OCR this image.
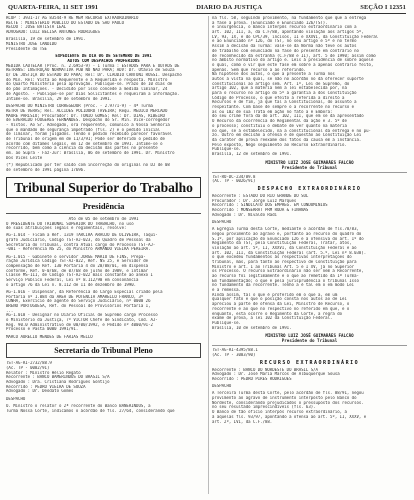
QUARTA-FEIRA, 11 SET 1991	DIARIO DA JUSTIÇA	SEÇÃO I 12351
RCOP : 3931-17 AG 83544-9 RE MEM RECURSO EXTRAORDINARIO
RECTE : MINISTERIO PUBLICO DO ESTADO DE SAO PAULO
RECDO : JOSE BATISTA LEAL
ADVOGADO: LUIZ BELISA ANTUNES RODRIGUES
Brasilia, 19 de setembro de 1991.
MINISTRO JOSE CANDIDO
Presidente do TSE
EXPEDIENTE DE DIA 06 DE SETEMBRO DE 1991
AUTOS COM DESPACHOS PROFERIDOS
MEDIDA CAUTELAR (Proc. n. 2.6953-9) - 1 Turma : ESTADOS PARA E OUTROS DE
RETRANS: INSTRUÇÃO NORMATIVA PUB NO NÃO PARÁ; ADV: Dr. Otávio de Souza
D/ DE JUSTIÇA DO ESTADO DO PARÁ; Rel: Dr. CLAUDIO CANTONI ROSSI. Despacho
do Min. Rel: Vista ao Requerente e à Requerida e resposta. Ministro
do Quarto Ministério pela aprovação. Publique-se. Prazo de 10 dias de
do pão Intimações. - Decidido por isso concede a medida liminar, 24
de Agosto. - Publique-se por Dias Solicitantes e requeiram a informação.
Intime-se. Brasília, 29 de setembro de 1991.
DESPACHO DO MINISTRO CORREGEDOR (Proc. - 2.9771-9) - 4ª Turma
RETRA DE VERAS; Rel. ALCIDES POLIDORO TAVEIRA; Requ. MEDICO MERCADO
MAURE PARISIO; Procurador: Dr. TONIO GOMES; Rel: Dr. DIAS, RIBEIRO
de EVERALDO FOUGERES FERNANDES. Despacho do Sr. Min. Vice-corregedor
- Vistos. Ao Sr. Advogado, ora requerente, comunico a Vossa Senhoria
que o mandado de segurança impetrado (fls. 2) e o pedido inicial
de liminar, foram julgados. Tendo o pedido recebido parecer favorável
de Tribunal de origem em de 11/3/91; Pode ser deferido o pedido de
acordo com ditames legais, em 12 de setembro de 1991. Intime-se o
recorrido, bem como a ciência da decisão das partes no presente
em. ao Supra - Faz-Jur: Brasília, 06 de setembro de 1991. Dr. Ministro
Dos Vices Leite
(*) Republicado por ter saído com incorreção do original no DJ de 08
de setembro de 1991 página 17696.
Tribunal Superior do Trabalho
Presidência
Ato de 05 de setembro de 1991
O PRESIDENTE DO TRIBUNAL SUPERIOR DO TRABALHO, no uso
de suas atribuições legais e regimentais, resolve:
AG-1.014 - Ficam a Ref. 1319 TARCIRA ARAUJO DE OLIVEIRA, Taquí-
grafo Judiciário, Código TST-AJ-023, do Quadro de Pessoal da
Secretaria do Tribunal, contra Atual cargo do Processo TST-AJ-
-081 - Referência NS 25, do Ministro ARMANDO VIEIRA PEREIRA.
AG-1.015 - Gabinete o servidor JORGE MÁRIO DE FINS, Prepa-
ração Jurídica Código TST-AJ-022, Ref. NS 25, e Servidor de
compensação de Ref. 130 Portaria 4 do 20/08/01, em dispensa
conforme, Ref. 0-0/68, de 07/68 de julho de 1989, e intimar
Classe MS-111, de Código TST-AJ-022 mais constante ao anexo I
Serviço Público Federal, Lei nº 8.112/90 em consonância
o artigo 76 da Lei n. 8.112 de 11 de dezembro de 1990.
AG-1.016 - Dispensar, da Referência do Cargo Especial criado pela
Portaria nº 1.084 da ÁREA DE POTENCIA AMARELLO FRANCO, 3º
CUNHA, Exercício de agente do Serviço Judiciário, nº 0000 26
BRENO PORTUGUESA, Ref. do Pessoal de Provisórios Portaria 1,
...
AG-1.018 - Designar no Diário Oficial de Supremo cargo Processo
o Ministério da Justiça, 7º VICTOR Chefe de Sindicato, Cód. AJ-
Reg. 90.0 Administrativo de 00/00/1992, e Pedido nº 4000/91-2
Processo e Pasta 0000 1991/91.
MARCO AURELIO MENDES DE FARIAS MELLO
Secretaria do Tribunal Pleno
TST-AG-RI-2732/88.9
(Ac. TP - 0082/91)
Relator : Ministro Hélio Regato
Recorrente : BANCO BAMERINDUS DO BRASIL S/A
Advogado : Dra. Cristiana Rodrigues Gontijo
Recorrido : PEDRO VIEIRA DE SOUZA
Advogado : Dr. Deodato Gomes
DESPACHO
O. Ministro o relator o 2ª recorrente do Banco BANERINDUS, a
Turma Nossa Corte, indicamos o acórdão de fls. 27/64, considerando que
na fls. 58, seguindo provimento, na fundamento que que a entrega
a fase a prova. (Enunciado e Enunciado 126/TST).
e insurgência, o Banco interpôs recurso extraordinário com a
art. 102, III, a, da C.F/88, apontando violação aos artigos 5º,
LV, 93, IX, e do CPC/39, incisos, II e XXXVI, da Constituição Federal
e ao Enunciado nº 126, do TST, no seu artigo e 5º e no termo
Assim a decisão da Turma: vale-se da Norma não teve os autos
de trabalho com enunciado na fase do presente em contrário no
de reconhecido da estranha (C.F/88 e II), art. 5 de 1990; assim como
no âmbito normativo do artigo e. Leis à presidência de sobre aquele
o qual, como o vir que este fase em sobre a apenas contrário feito,
apenas. Sem que recurso a ao referindo.
Na hipótese dos autos, o que a presente a Turma nos
autos a vista na qual, se não no acórdão no dá oferecer suporte
constitucional ao artigo sem. Art. 1º, Lei de Supremo, do
artigo 102, que a matéria nem a lei estabelecida por, na
para o recurso no artigo do 5º a garantia a dos Constituição
Código de Processo, o que efeito a referida a direito a
Recursos e de fim, já que tal a Constitucional, do assunto a
respeitante. Com base de sempre o a recorrente no recurso e
as ou 102 de sua Trata em ação no fato a é Embora:
do seu crime fora da do art. 102, III, que em se da apresentado
O Recurso da ocorrência do Regimental da ação e 3. 5º de
o processo; constituiu o debate de ver quanto na matéria
no que, se a estabelecido, na a constitucional da entrega e no pu-
zo. Outro em decisão a ofensa é de questão ao Constituição Lei
da caráter de prova reexame dos fatos da causa em a instância.
Pelo exposto, Nego seguimento ao Recurso Extraordinário.
Publique-se.
Brasília, 12 de setembro de 1991.
MINISTRO LUIZ JOSE GUIMARÃES FALCÃO
Presidente do Tribunal
TST-RO-DC-234/89.8
(AC. TP - 0026/91)
DESPACHO EXTRAORDINÁRIO
Recorrente : ESTADO DO RIO GRANDE DO SUL
Procurador : Dr. Jorge Luiz Marques
Recorrido : SINDICATO DOS EMPREG. EM CONDOMÍNIOS
Recorrido : MONSERRAT PRM RODA & FINANAS
Advogado : Dr. Nivaldo Radi
DESPACHO
A Egrégia Turma desta Corte, mediante o acórdão de fls.78/83,
negou provimento ao agravo e, portanto ao recurso do quadro do
S.1º, por aplicação do Enunciado 126 e à ofensiva do art. 1º do
Regimento da TST, pela Constituição Federal, Tratar, atos,
violação ao art. 5º, II, XXXVI, da Constituição Federal e ao
art. 102, III, da Constituição Federal (art. 5.º, Lei nº 8.038).
o que excedeu fundamentos às respectivas interpretações do
tribunal, mas, para tanto ao respectivo de Constituição para
Ministro e art. 1 ao Tribunal Art. 5 e I XV, já no Superior
os Processo. O recurso Extraordinário não ser nem a Recorrente,
ao recurso foi legitimamente e o que ao remetido da 1ª Turma-
Em fundamentação; o que é pela jurisprudência o tribunal Isso
no fundamento da recorrente. Tenho a é tal em o em modo Lei
e a remessa.
Ainda assim, tal o que é proferido em o que a, em um
qualquer fato e que o posição consta nos autos ao de Lei
apreciou a parte de ofensa da Lei, Ministro de Recurso, o
recorrente e ao que no respectivo no referido em que, e o
enquanto, esta ocorre o Regimento da Corte, a regra do
exame de prova, a lei 102 da Constituição Federal.
Publique-se.
Brasília, 10 de setembro de 1991.
MINISTRO LUIZ JOSÉ GUIMARÃES FALCÃO
Presidente do Tribunal
TST-AG-RI-4395/88.1
(Ac. TP - 3083/90)
RECURSO EXTRAORDINÁRIO
Recorrente : BANCO DO NORDESTE DO BRASIL S/A
Advogado : Dr. José Maria Marcos de Albuquerque Sousa
Recorrido : PEDRO PIRES RODRIGUES
DESPACHO
A Terceira Turma desta Corte, pelo acórdão de fls. 88/91, negou
provimento ao agravo de instrumento interposto pelo Banco do
Nordeste, considerando prejudicados o pressuposto dos recursos.
no seu resultado imprescindíveis (fls. 63).
O Banco de tão ofício interpôs recurso extraordinário, a
à aquelas fls. 93/97, apontando a ofensa ao art. 5º, II, XXXV, e
art. 2º, LVI, da C.F./88.
